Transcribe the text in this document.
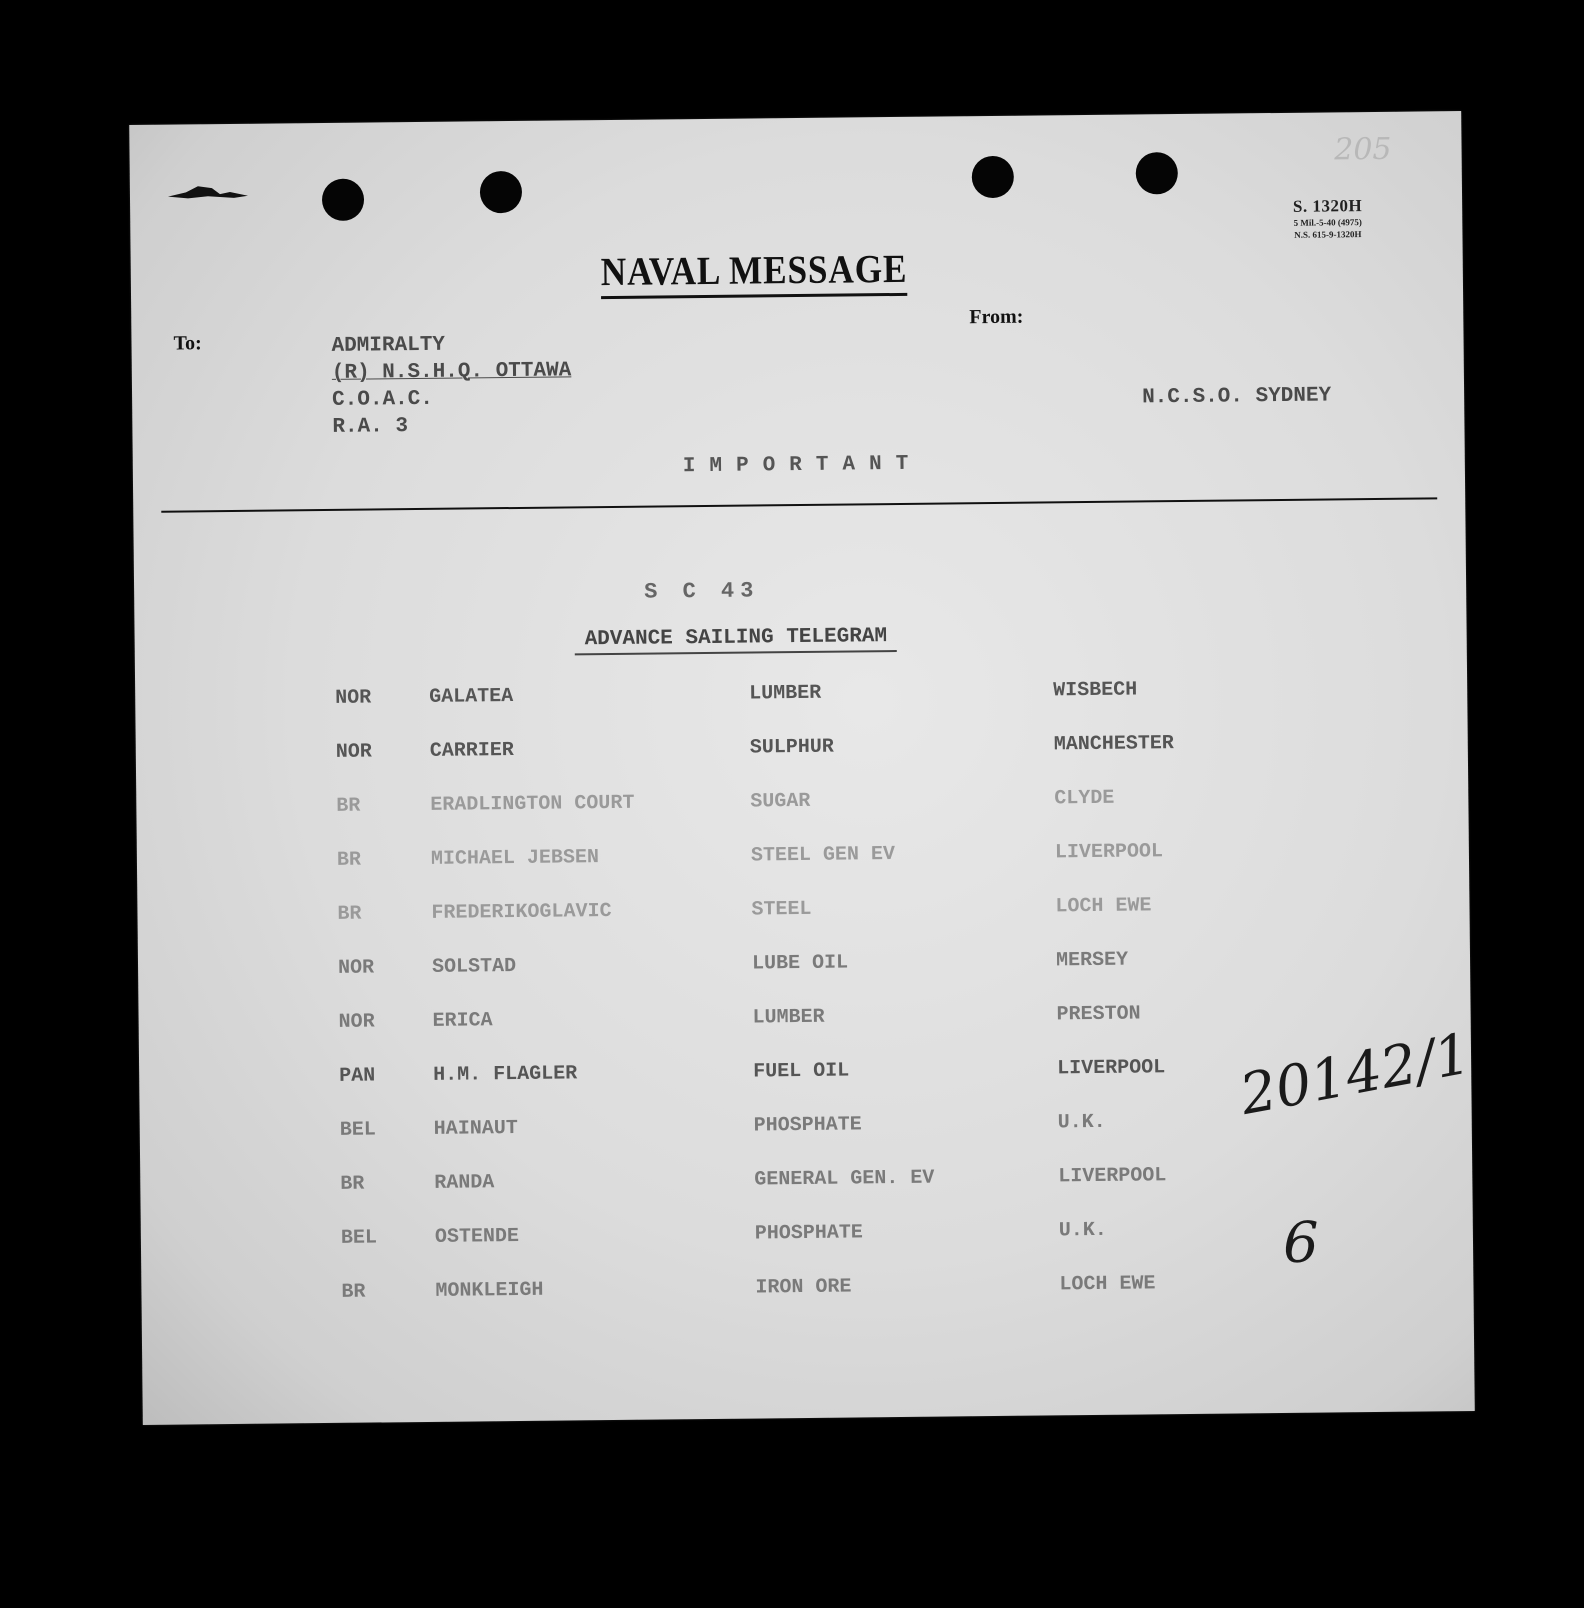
205
S. 1320H
5 Mil.-5-40 (4975)
N.S. 615-9-1320H
NAVAL MESSAGE
To:
From:
ADMIRALTY
(R) N.S.H.Q. OTTAWA
C.O.A.C.
R.A. 3
N.C.S.O. SYDNEY
IMPORTANT
S C 43
ADVANCE SAILING TELEGRAM
NOR	GALATEA	LUMBER	WISBECH
NOR	CARRIER	SULPHUR	MANCHESTER
BR	ERADLINGTON COURT	SUGAR	CLYDE
BR	MICHAEL JEBSEN	STEEL GEN EV	LIVERPOOL
BR	FREDERIKOGLAVIC	STEEL	LOCH EWE
NOR	SOLSTAD	LUBE OIL	MERSEY
NOR	ERICA	LUMBER	PRESTON
PAN	H.M. FLAGLER	FUEL OIL	LIVERPOOL
BEL	HAINAUT	PHOSPHATE	U.K.
BR	RANDA	GENERAL GEN. EV	LIVERPOOL
BEL	OSTENDE	PHOSPHATE	U.K.
BR	MONKLEIGH	IRON ORE	LOCH EWE
20142/1
6
